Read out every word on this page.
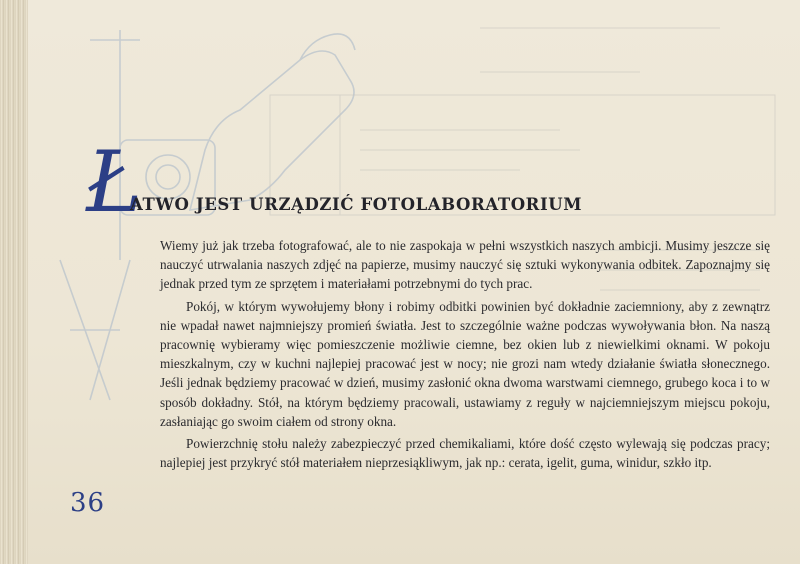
Ł
ATWO JEST URZĄDZIĆ FOTOLABORATORIUM

Wiemy już jak trzeba fotografować, ale to nie zaspokaja w pełni wszystkich naszych ambicji. Musimy jeszcze się nauczyć utrwalania naszych zdjęć na papierze, musimy nauczyć się sztuki wykonywania odbitek. Zapoznajmy się jednak przed tym ze sprzętem i materiałami potrzebnymi do tych prac.

Pokój, w którym wywołujemy błony i robimy odbitki powinien być dokładnie zaciemniony, aby z zewnątrz nie wpadał nawet najmniejszy promień światła. Jest to szczególnie ważne podczas wywoływania błon. Na naszą pracownię wybieramy więc pomieszczenie możliwie ciemne, bez okien lub z niewielkimi oknami. W pokoju mieszkalnym, czy w kuchni najlepiej pracować jest w nocy; nie grozi nam wtedy działanie światła słonecznego. Jeśli jednak będziemy pracować w dzień, musimy zasłonić okna dwoma warstwami ciemnego, grubego koca i to w sposób dokładny. Stół, na którym będziemy pracowali, ustawiamy z reguły w najciemniejszym miejscu pokoju, zasłaniając go swoim ciałem od strony okna.

Powierzchnię stołu należy zabezpieczyć przed chemikaliami, które dość często wylewają się podczas pracy; najlepiej jest przykryć stół materiałem nieprzesiąkliwym, jak np.: cerata, igelit, guma, winidur, szkło itp.

36
